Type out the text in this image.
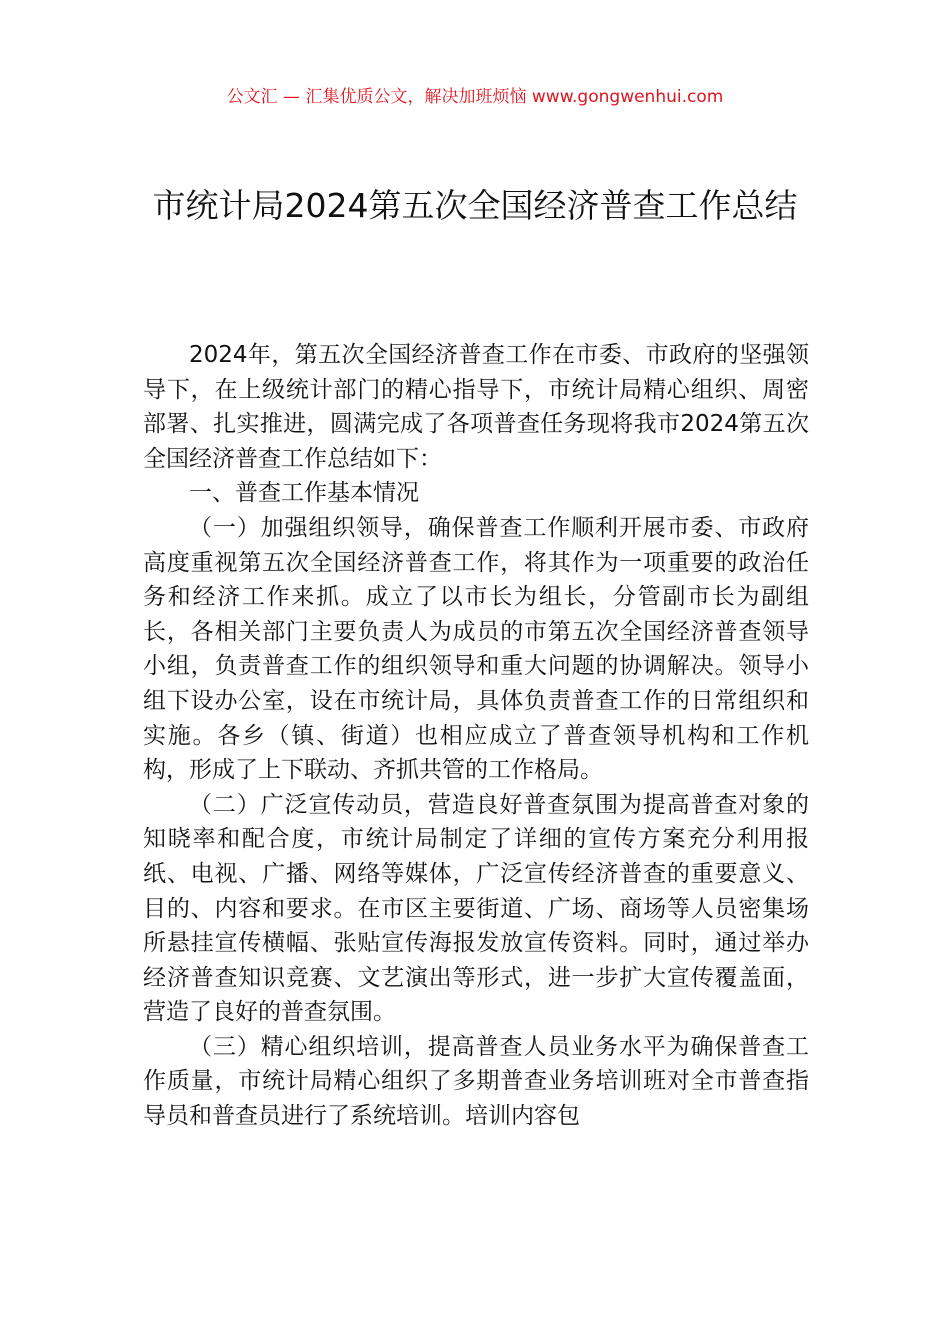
公文汇 — 汇集优质公文，解决加班烦恼 www.gongwenhui.com
市统计局2024第五次全国经济普查工作总结

2024年，第五次全国经济普查工作在市委、市政府的坚强领导下，在上级统计部门的精心指导下，市统计局精心组织、周密部署、扎实推进，圆满完成了各项普查任务现将我市2024第五次全国经济普查工作总结如下：

一、普查工作基本情况

（一）加强组织领导，确保普查工作顺利开展市委、市政府高度重视第五次全国经济普查工作，将其作为一项重要的政治任务和经济工作来抓。成立了以市长为组长，分管副市长为副组长，各相关部门主要负责人为成员的市第五次全国经济普查领导小组，负责普查工作的组织领导和重大问题的协调解决。领导小组下设办公室，设在市统计局，具体负责普查工作的日常组织和实施。各乡（镇、街道）也相应成立了普查领导机构和工作机构，形成了上下联动、齐抓共管的工作格局。

（二）广泛宣传动员，营造良好普查氛围为提高普查对象的知晓率和配合度，市统计局制定了详细的宣传方案充分利用报纸、电视、广播、网络等媒体，广泛宣传经济普查的重要意义、目的、内容和要求。在市区主要街道、广场、商场等人员密集场所悬挂宣传横幅、张贴宣传海报发放宣传资料。同时，通过举办经济普查知识竞赛、文艺演出等形式，进一步扩大宣传覆盖面，营造了良好的普查氛围。

（三）精心组织培训，提高普查人员业务水平为确保普查工作质量，市统计局精心组织了多期普查业务培训班对全市普查指导员和普查员进行了系统培训。培训内容包
